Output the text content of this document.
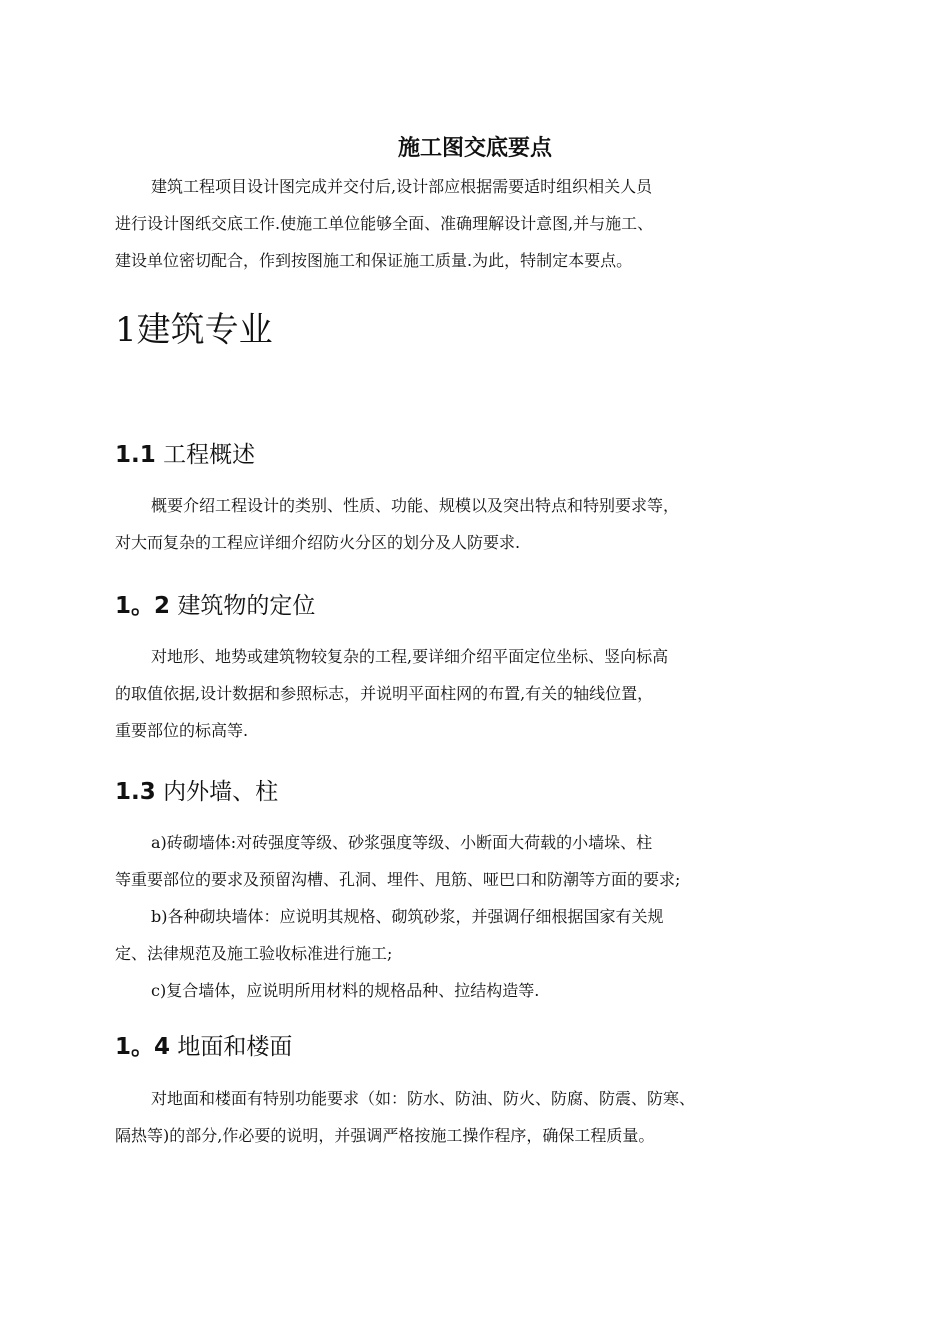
施工图交底要点

建筑工程项目设计图完成并交付后,设计部应根据需要适时组织相关人员
进行设计图纸交底工作.使施工单位能够全面、准确理解设计意图,并与施工、
建设单位密切配合，作到按图施工和保证施工质量.为此，特制定本要点。

1建筑专业
1.1 工程概述

概要介绍工程设计的类别、性质、功能、规模以及突出特点和特别要求等，
对大而复杂的工程应详细介绍防火分区的划分及人防要求.

1。2 建筑物的定位

对地形、地势或建筑物较复杂的工程,要详细介绍平面定位坐标、竖向标高
的取值依据,设计数据和参照标志，并说明平面柱网的布置,有关的轴线位置，
重要部位的标高等.

1.3 内外墙、柱

a)砖砌墙体:对砖强度等级、砂浆强度等级、小断面大荷载的小墙垛、柱
等重要部位的要求及预留沟槽、孔洞、埋件、甩筋、哑巴口和防潮等方面的要求;
b)各种砌块墙体：应说明其规格、砌筑砂浆，并强调仔细根据国家有关规
定、法律规范及施工验收标准进行施工;
c)复合墙体，应说明所用材料的规格品种、拉结构造等.

1。4 地面和楼面

对地面和楼面有特别功能要求（如：防水、防油、防火、防腐、防震、防寒、
隔热等)的部分,作必要的说明，并强调严格按施工操作程序，确保工程质量。
